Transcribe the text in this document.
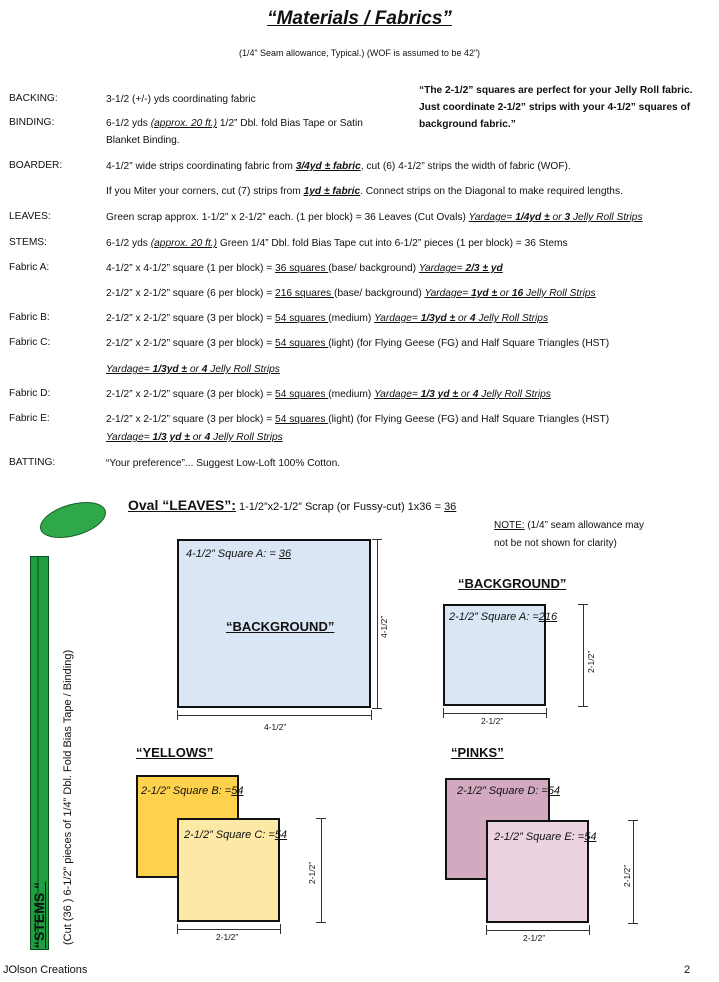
“Materials / Fabrics”
(1/4” Seam allowance, Typical.) (WOF is assumed to be 42”)
“The 2-1/2” squares are perfect for your Jelly Roll fabric. Just coordinate 2-1/2” strips with your 4-1/2” squares of background fabric.”
BACKING:	3-1/2 (+/-) yds coordinating fabric
BINDING:	6-1/2 yds (approx. 20 ft.) 1/2” Dbl. fold Bias Tape or Satin
Blanket Binding.
BOARDER:	4-1/2” wide strips coordinating fabric from 3/4yd ± fabric, cut (6) 4-1/2” strips the width of fabric (WOF).
If you Miter your corners, cut (7) strips from 1yd ± fabric. Connect strips on the Diagonal to make required lengths.
LEAVES:	Green scrap approx. 1-1/2” x 2-1/2” each. (1 per block) = 36 Leaves (Cut Ovals) Yardage= 1/4yd ± or 3 Jelly Roll Strips
STEMS:	6-1/2 yds (approx. 20 ft.) Green 1/4” Dbl. fold Bias Tape cut into 6-1/2” pieces (1 per block) = 36 Stems
Fabric A:	4-1/2” x 4-1/2” square (1 per block) = 36 squares (base/ background) Yardage= 2/3 ± yd
2-1/2” x 2-1/2” square (6 per block) = 216 squares (base/ background) Yardage= 1yd ± or 16 Jelly Roll Strips
Fabric B:	2-1/2” x 2-1/2” square (3 per block) = 54 squares (medium) Yardage= 1/3yd ± or 4 Jelly Roll Strips
Fabric C:	2-1/2” x 2-1/2” square (3 per block) = 54 squares (light) (for Flying Geese (FG) and Half Square Triangles (HST)
Yardage= 1/3yd ± or 4 Jelly Roll Strips
Fabric D:	2-1/2” x 2-1/2” square (3 per block) = 54 squares (medium) Yardage= 1/3 yd ± or 4 Jelly Roll Strips
Fabric E:	2-1/2” x 2-1/2” square (3 per block) = 54 squares (light) (for Flying Geese (FG) and Half Square Triangles (HST)
Yardage= 1/3 yd ± or 4 Jelly Roll Strips
BATTING:	“Your preference”... Suggest Low-Loft 100% Cotton.
Oval “LEAVES”: 1-1/2”x2-1/2” Scrap (or Fussy-cut) 1x36 = 36
NOTE: (1/4” seam allowance may
not be not shown for clarity)
4-1/2” Square A: = 36
“BACKGROUND”
4-1/2”
4-1/2”
“BACKGROUND”
2-1/2” Square A: =216
2-1/2”
2-1/2”
“YELLOWS”
2-1/2” Square B: =54
2-1/2” Square C: =54
2-1/2”
2-1/2”
“PINKS”
2-1/2” Square D: =54
2-1/2” Square E: =54
2-1/2”
2-1/2”
“STEMS “ (Cut (36 ) 6-1/2” pieces of 1/4” Dbl. Fold Bias Tape / Binding)
JOlson Creations	2
